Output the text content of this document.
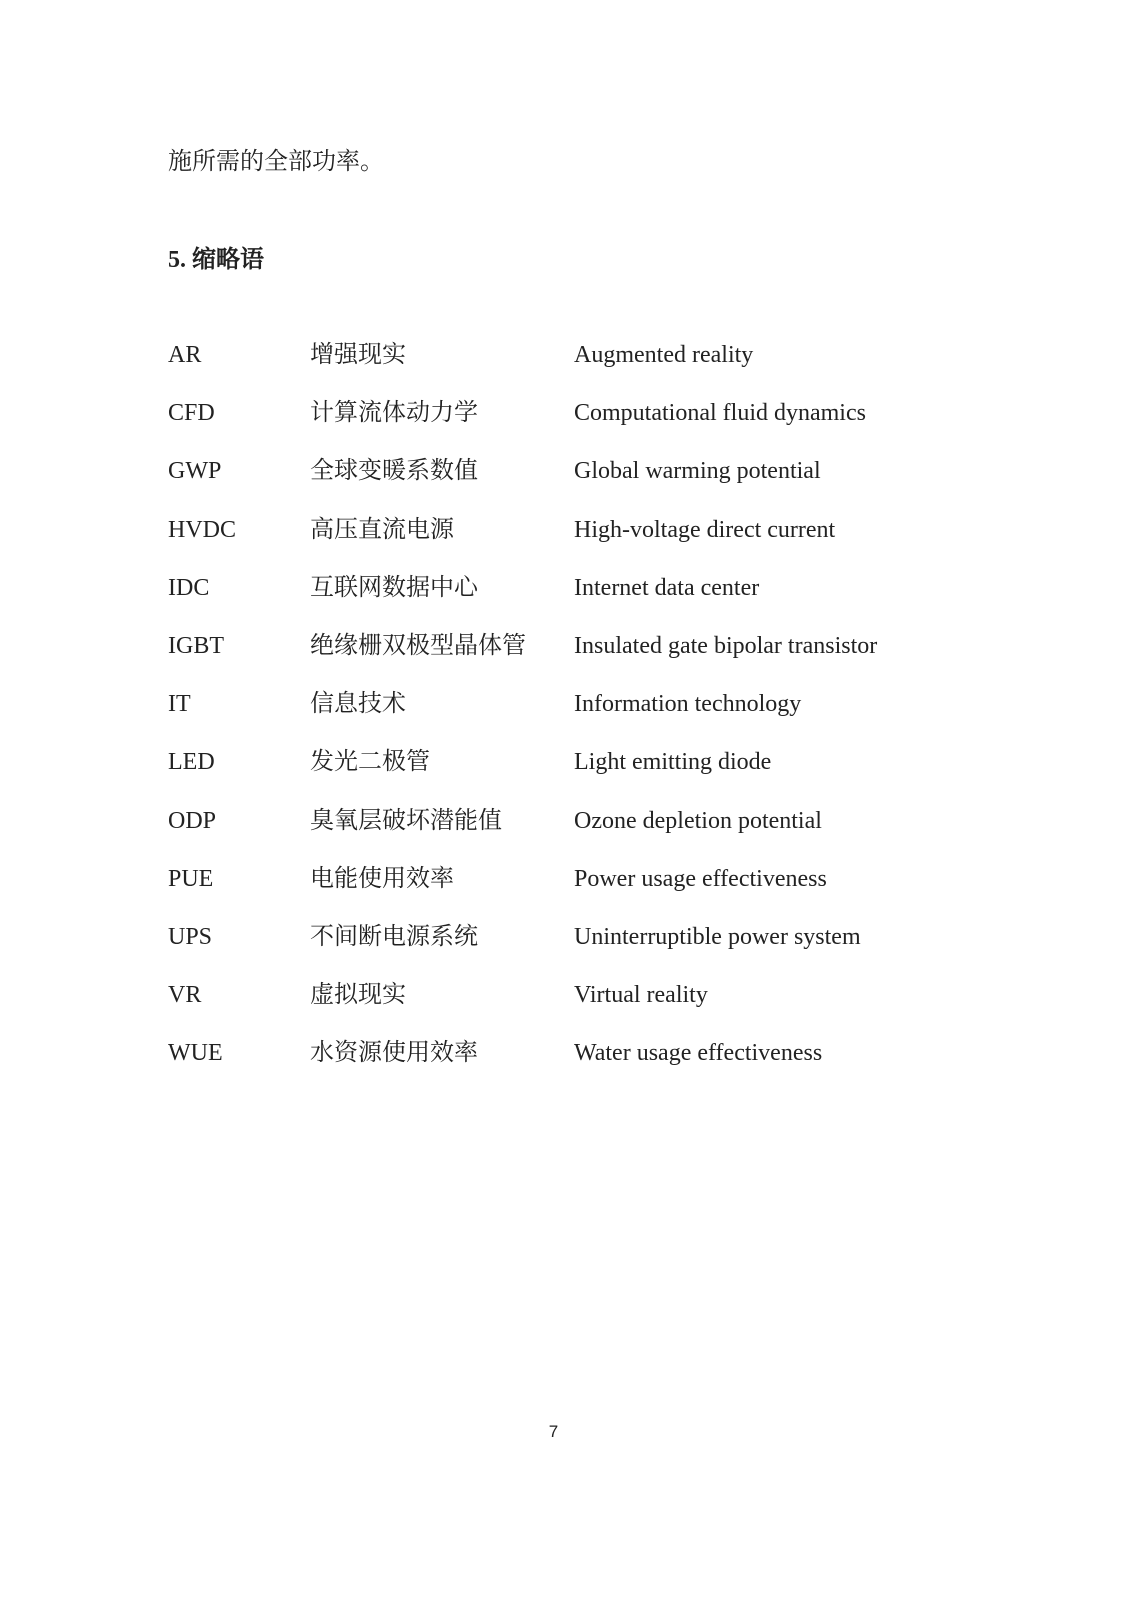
施所需的全部功率。
5. 缩略语
AR	增强现实	Augmented reality
CFD	计算流体动力学	Computational fluid dynamics
GWP	全球变暖系数值	Global warming potential
HVDC	高压直流电源	High-voltage direct current
IDC	互联网数据中心	Internet data center
IGBT	绝缘栅双极型晶体管 Insulated gate bipolar transistor
IT	信息技术	Information technology
LED	发光二极管	Light emitting diode
ODP	臭氧层破坏潜能值	Ozone depletion potential
PUE	电能使用效率	Power usage effectiveness
UPS	不间断电源系统	Uninterruptible power system
VR	虚拟现实	Virtual reality
WUE	水资源使用效率	Water usage effectiveness
7
